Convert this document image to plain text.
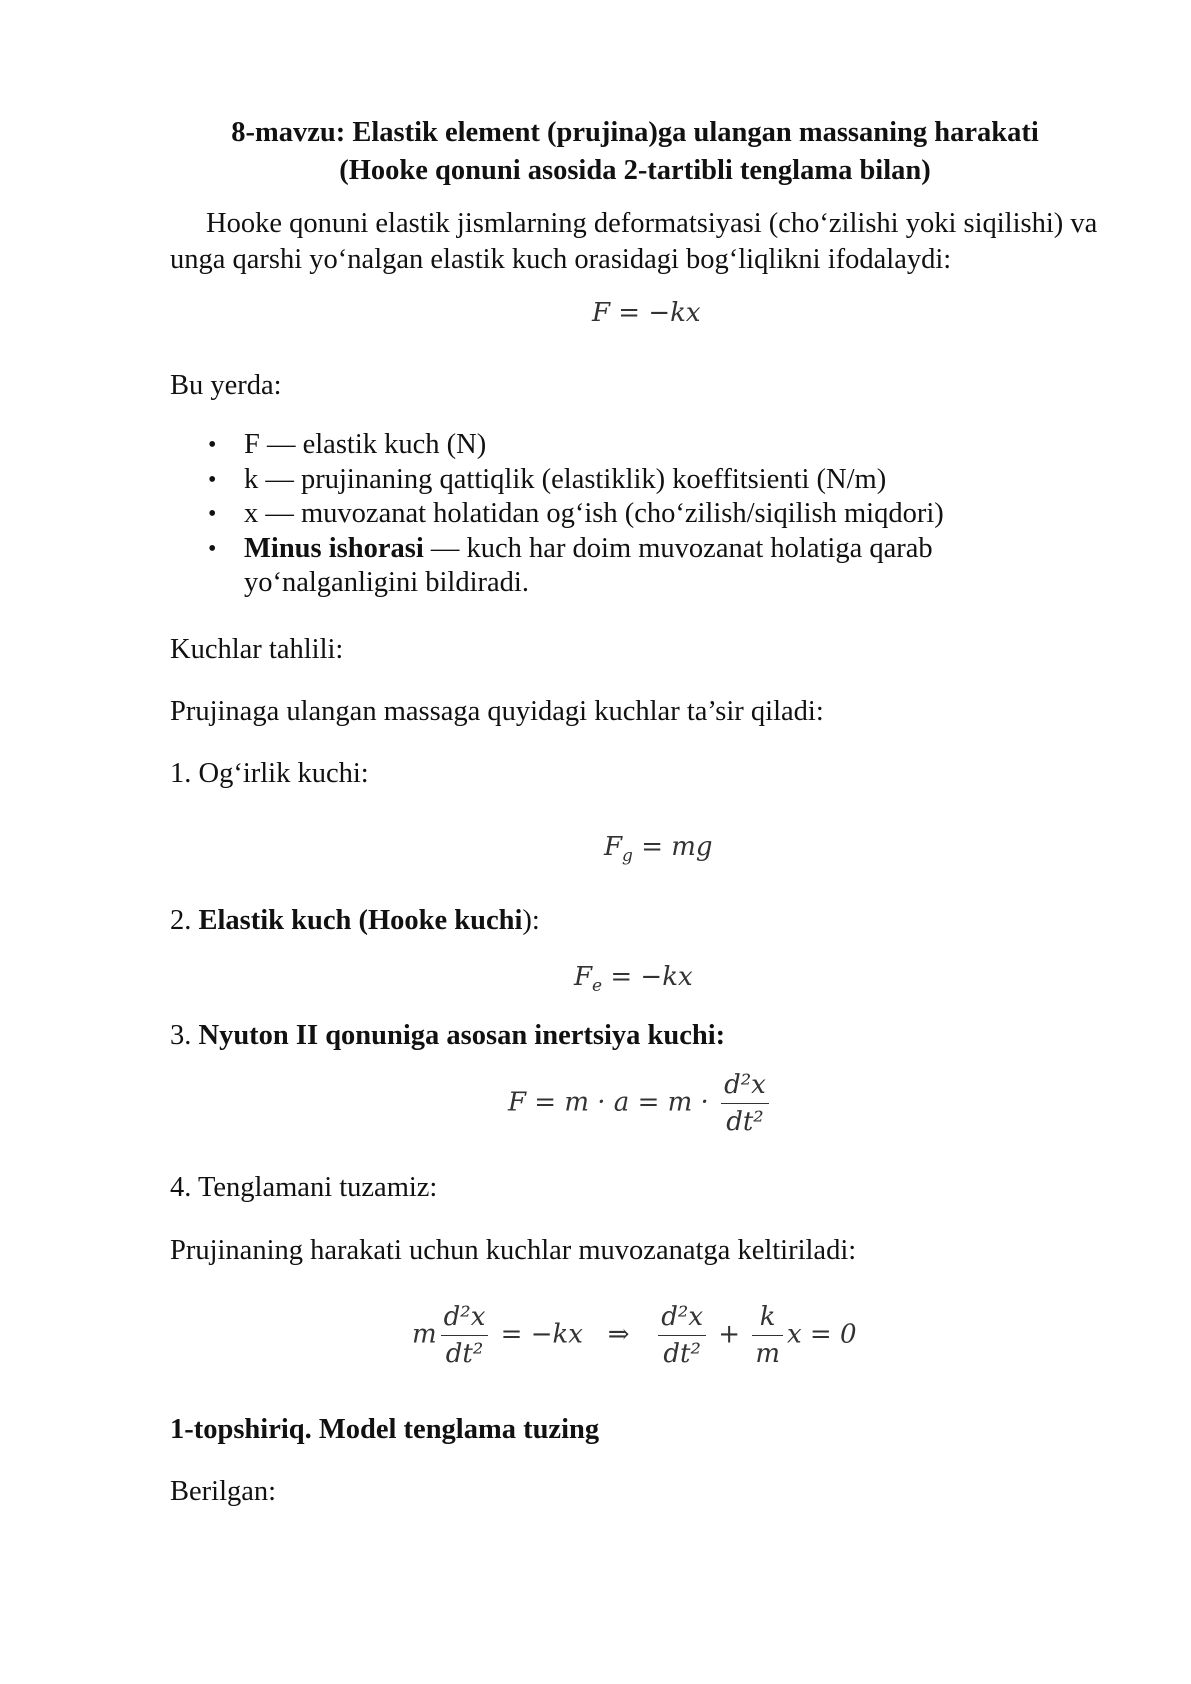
8-mavzu: Elastik element (prujina)ga ulangan massaning harakati
(Hooke qonuni asosida 2-tartibli tenglama bilan)
Hooke qonuni elastik jismlarning deformatsiyasi (cho‘zilishi yoki siqilishi) va unga qarshi yo‘nalgan elastik kuch orasidagi bog‘liqlikni ifodalaydi:
F = −kx
Bu yerda:
• F — elastik kuch (N)
• k — prujinaning qattiqlik (elastiklik) koeffitsienti (N/m)
• x — muvozanat holatidan og‘ish (cho‘zilish/siqilish miqdori)
• Minus ishorasi — kuch har doim muvozanat holatiga qarab yo‘nalganligini bildiradi.
Kuchlar tahlili:
Prujinaga ulangan massaga quyidagi kuchlar ta’sir qiladi:
1. Og‘irlik kuchi:
$F_g$ = mg
2. Elastik kuch (Hooke kuchi):
$F_e = -kx$
3. Nyuton II qonuniga asosan inertsiya kuchi:
$F = m \cdot a = m \cdot \frac{\text{d²x}}{\text{dt²}}$
4. Tenglamani tuzamiz:
Prujinaning harakati uchun kuchlar muvozanatga keltiriladi:
m $\frac{\text{d²x}}{\text{dt²}} = -kx$   ⇒ $\frac{\text{d²x}}{\text{dt²}} + \frac{k}{m}$ x = 0
1-topshiriq. Model tenglama tuzing
Berilgan:
